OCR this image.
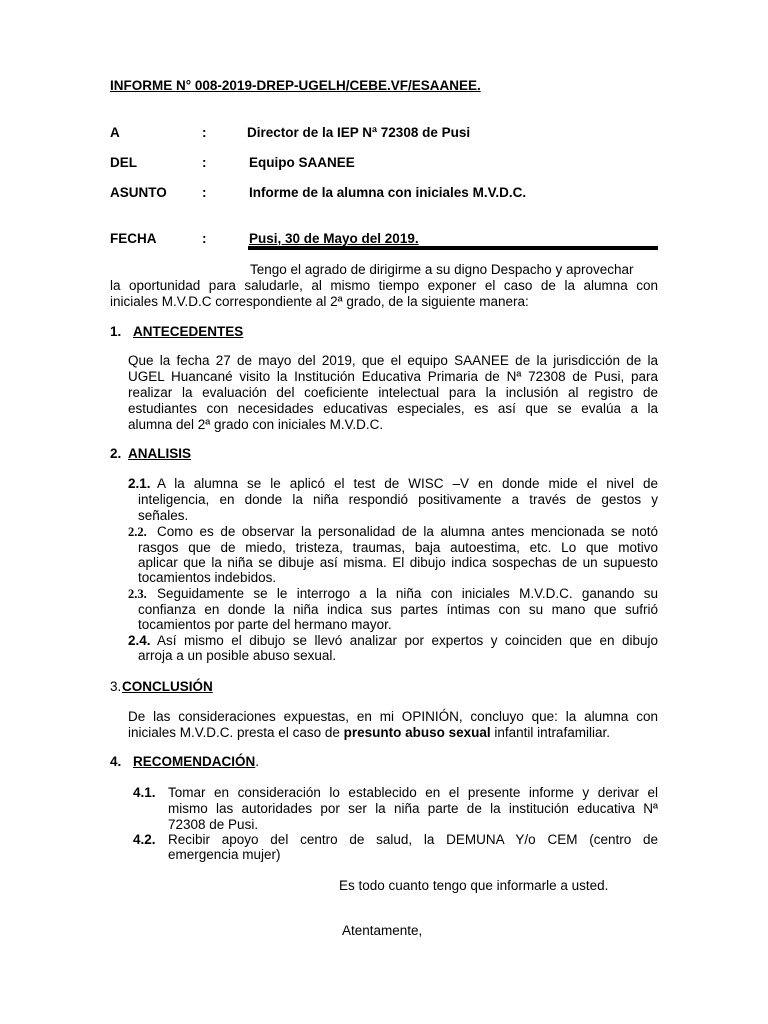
INFORME N° 008-2019-DREP-UGELH/CEBE.VF/ESAANEE.
A	:	Director de la IEP Nª 72308 de Pusi
DEL	:	Equipo SAANEE
ASUNTO	:	Informe de la alumna con iniciales M.V.D.C.
FECHA	:	Pusi, 30 de Mayo del 2019.
Tengo el agrado de dirigirme a su digno Despacho y aprovechar
la oportunidad para saludarle, al mismo tiempo exponer el caso de la alumna con
iniciales M.V.D.C correspondiente al 2ª grado, de la siguiente manera:
1. ANTECEDENTES
Que la fecha 27 de mayo del 2019, que el equipo SAANEE de la jurisdicción de la
UGEL Huancané visito la Institución Educativa Primaria de Nª 72308 de Pusi, para
realizar la evaluación del coeficiente intelectual para la inclusión al registro de
estudiantes con necesidades educativas especiales, es así que se evalúa a la
alumna del 2ª grado con iniciales M.V.D.C.
2. ANALISIS
2.1. A la alumna se le aplicó el test de WISC –V en donde mide el nivel de
inteligencia, en donde la niña respondió positivamente a través de gestos y
señales.
2.2. Como es de observar la personalidad de la alumna antes mencionada se notó
rasgos que de miedo, tristeza, traumas, baja autoestima, etc. Lo que motivo
aplicar que la niña se dibuje así misma. El dibujo indica sospechas de un supuesto
tocamientos indebidos.
2.3. Seguidamente se le interrogo a la niña con iniciales M.V.D.C. ganando su
confianza en donde la niña indica sus partes íntimas con su mano que sufrió
tocamientos por parte del hermano mayor.
2.4. Así mismo el dibujo se llevó analizar por expertos y coinciden que en dibujo
arroja a un posible abuso sexual.
3. CONCLUSIÓN
De las consideraciones expuestas, en mi OPINIÓN, concluyo que: la alumna con
iniciales M.V.D.C. presta el caso de presunto abuso sexual infantil intrafamiliar.
4. RECOMENDACIÓN.
4.1. Tomar en consideración lo establecido en el presente informe y derivar el
mismo las autoridades por ser la niña parte de la institución educativa Nª
72308 de Pusi.
4.2. Recibir apoyo del centro de salud, la DEMUNA Y/o CEM (centro de
emergencia mujer)
Es todo cuanto tengo que informarle a usted.
Atentamente,
